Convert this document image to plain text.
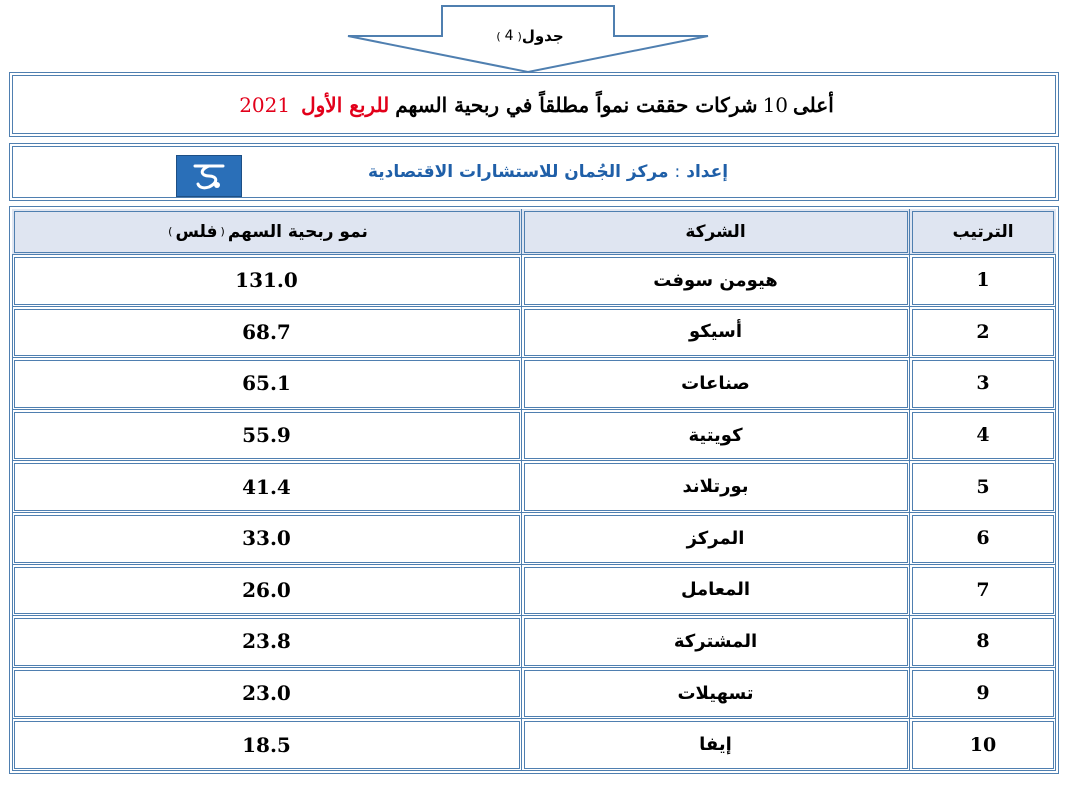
جدول
(
4
)
أعلى
10
شركات حققت نمواً مطلقاً في ربحية السهم
للربع الأول
2021
إعداد
:
مركز الجُمان للاستشارات الاقتصادية
نمو ربحية السهم
(
فلس
)	الشركة	الترتيب
131.0	هيومن سوفت	1
68.7	أسيكو	2
65.1	صناعات	3
55.9	كويتية	4
41.4	بورتلاند	5
33.0	المركز	6
26.0	المعامل	7
23.8	المشتركة	8
23.0	تسهيلات	9
18.5	إيفا	10
